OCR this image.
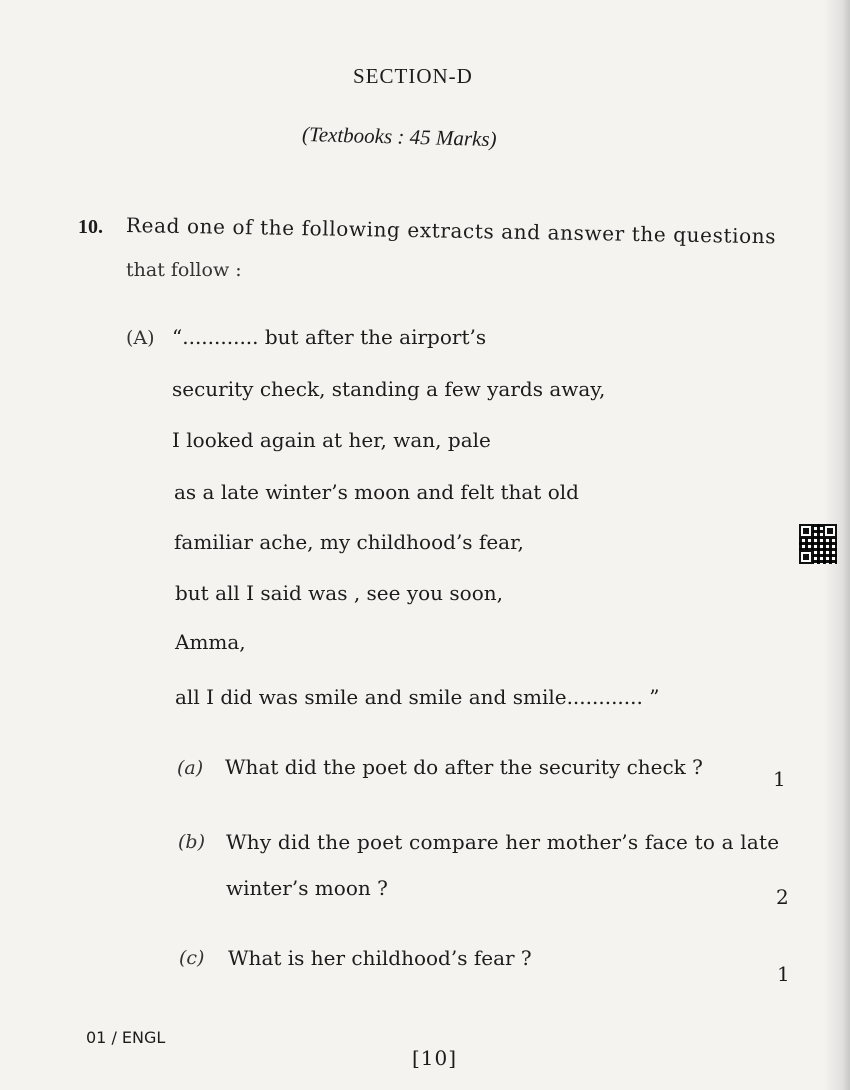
SECTION-D
(Textbooks : 45 Marks)
10. Read one of the following extracts and answer the questions
that follow :
(A) “............ but after the airport’s
security check, standing a few yards away,
I looked again at her, wan, pale
as a late winter’s moon and felt that old
familiar ache, my childhood’s fear,
but all I said was , see you soon,
Amma,
all I did was smile and smile and smile............ ”
(a) What did the poet do after the security check ?	1
(b) Why did the poet compare her mother’s face to a late
winter’s moon ?	2
(c) What is her childhood’s fear ?
1
01 / ENGL
[10]
